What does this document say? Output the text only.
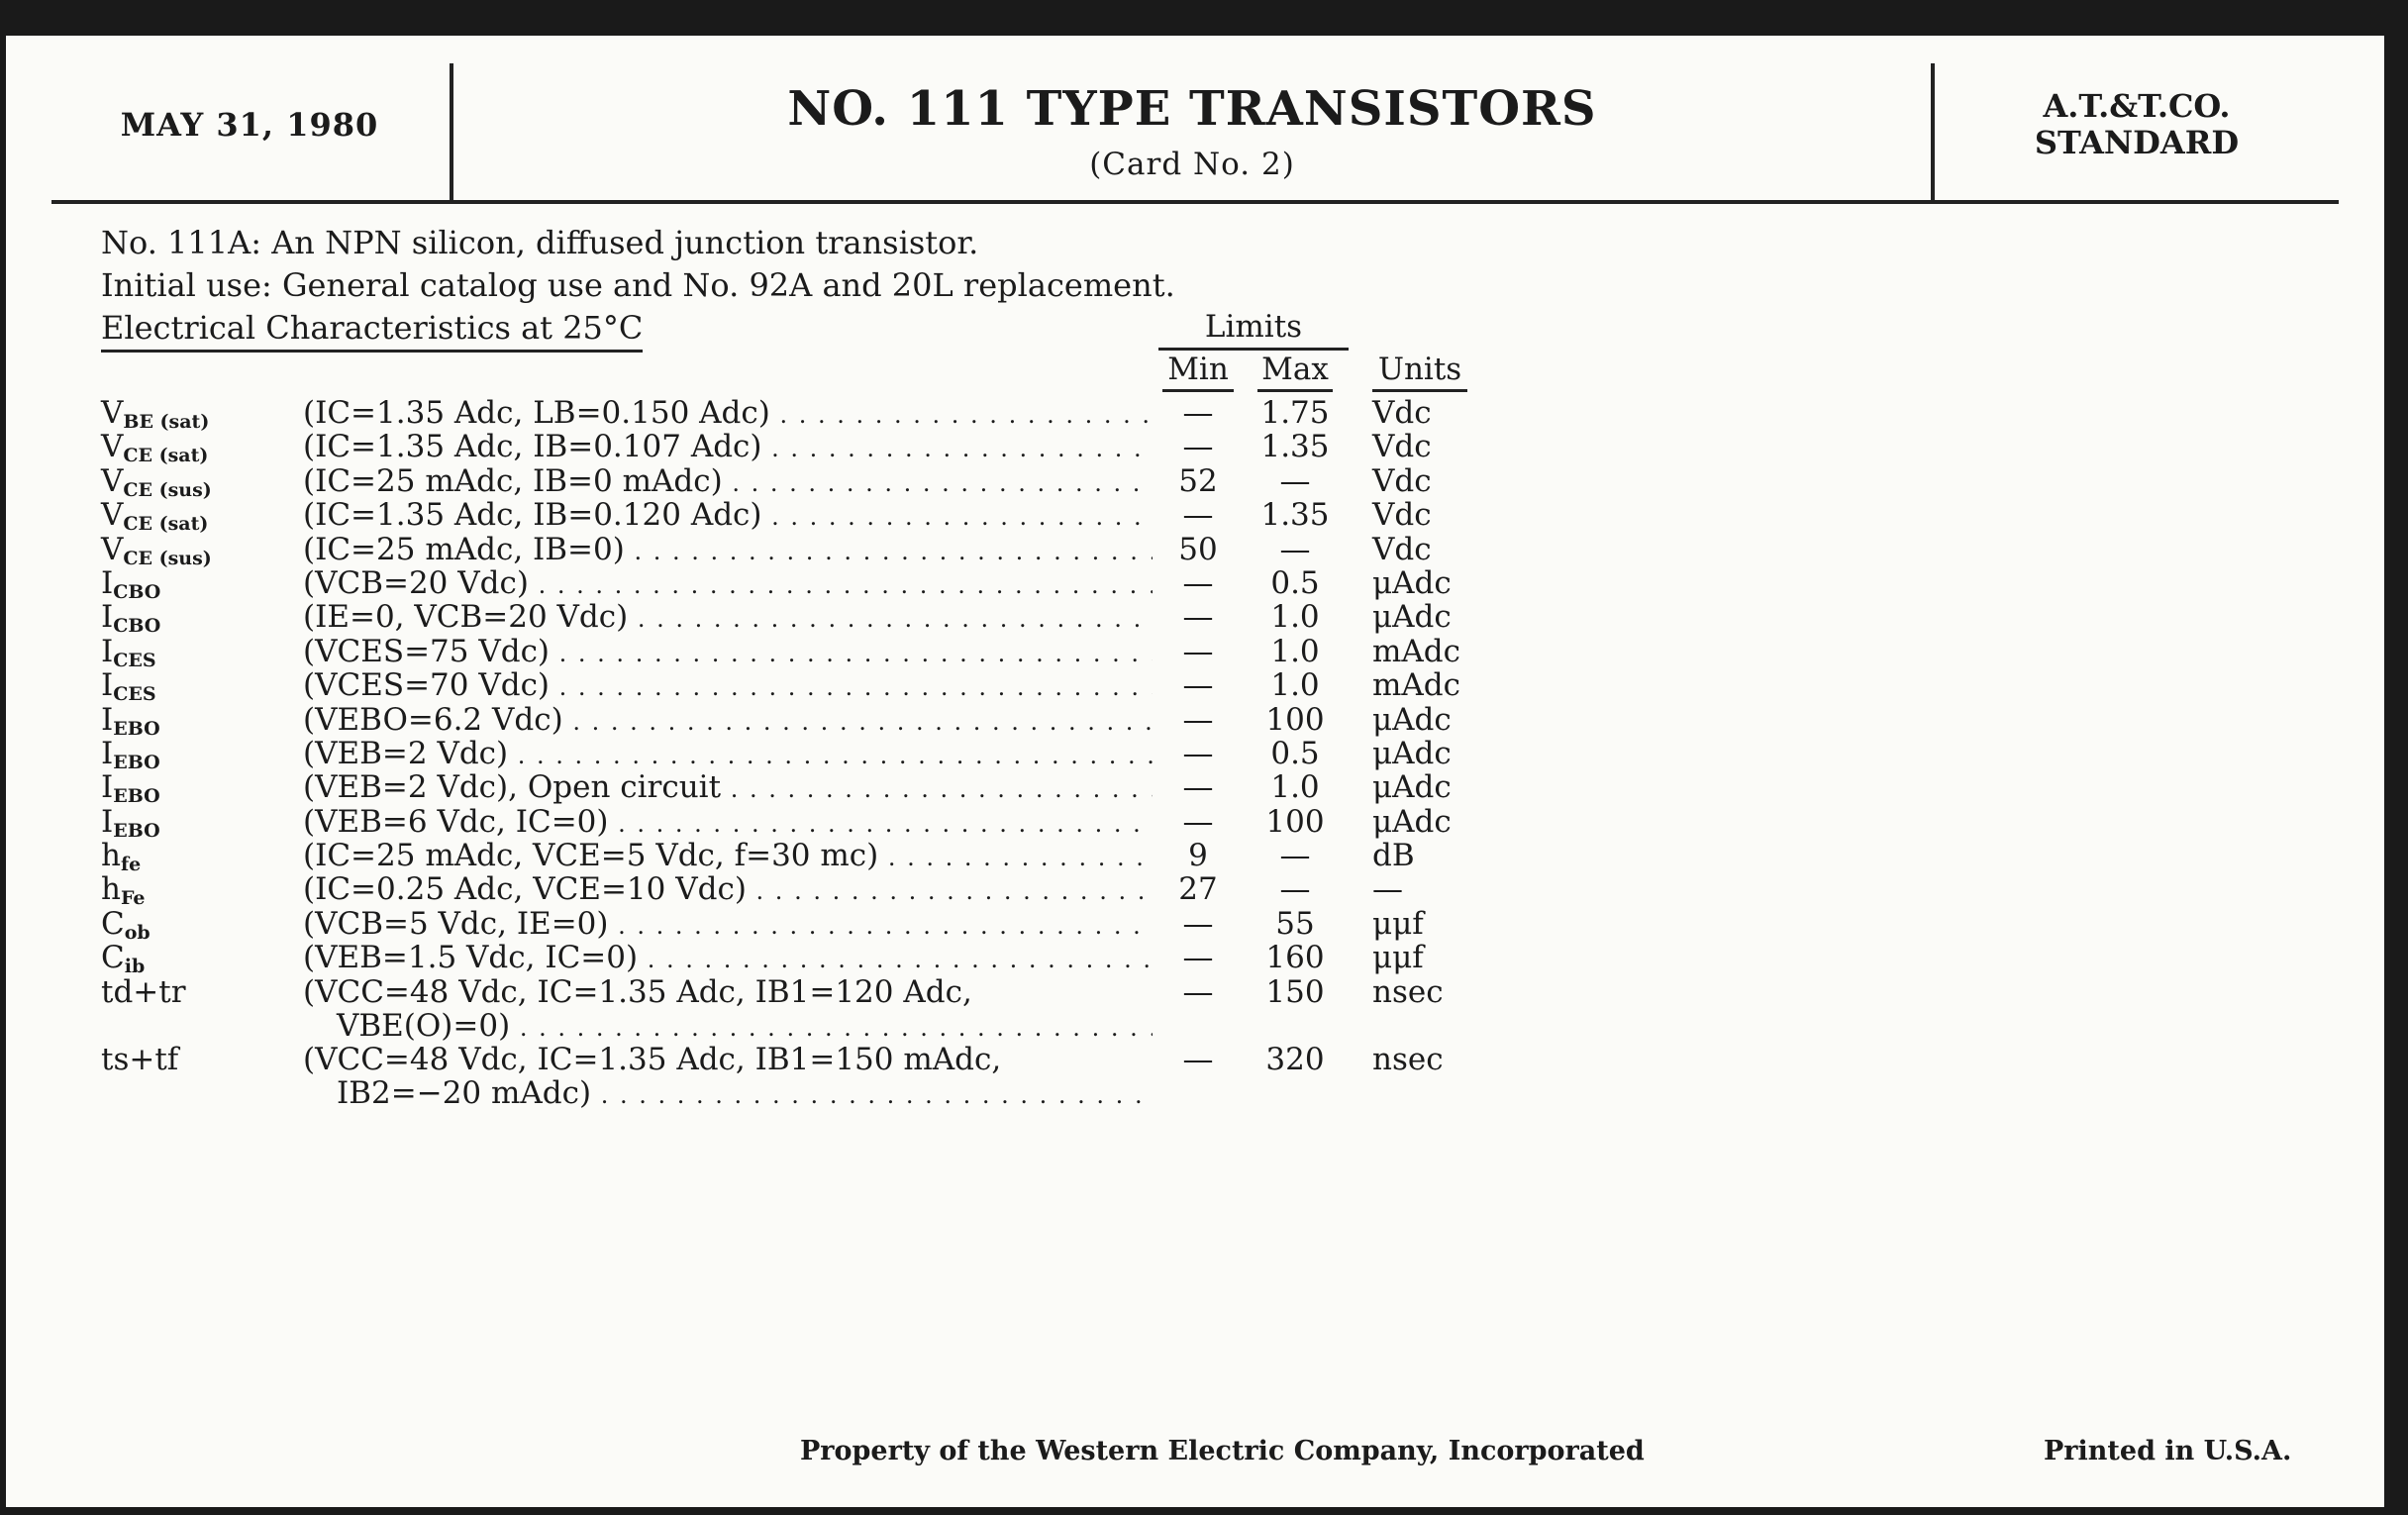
MAY 31, 1980	NO. 111 TYPE TRANSISTORS
(Card No. 2)
A.T.&T.CO.
STANDARD
No. 111A: An NPN silicon, diffused junction transistor.
Initial use: General catalog use and No. 92A and 20L replacement.
Electrical Characteristics at 25°C	Limits
Min Max Units
$V_{BE (sat)}$	(IC=1.35 Adc, LB=0.150 Adc) . . .	—	1.75 Vdc
$V_{CE (sat)}$	(IC=1.35 Adc, IB=0.107 Adc) . . .	—	1.35 Vdc
$V_{CE (sus)}$	(IC=25 mAdc, IB=0 mAdc) . . .	52	—	Vdc
$V_{CE (sat)}$	(IC=1.35 Adc, IB=0.120 Adc) . . .	—	1.35 Vdc
$V_{CE (sus)}$	(IC=25 mAdc, IB=0) . . .	50	—	Vdc
$I_{CBO}$	(VCB=20 Vdc) . . .	—	0.5	μAdc
$I_{CBO}$	(IE=0, VCB=20 Vdc) . . .	—	1.0	μAdc
$I_{CES}$	(VCES=75 Vdc) . . .	—	1.0	mAdc
$I_{CES}$	(VCES=70 Vdc) . . .	—	1.0	mAdc
$I_{EBO}$	(VEBO=6.2 Vdc) . . .	—	100 μAdc
$I_{EBO}$	(VEB=2 Vdc) . . .	—	0.5	μAdc
$I_{EBO}$	(VEB=2 Vdc), Open circuit . . .	—	1.0	μAdc
$I_{EBO}$	(VEB=6 Vdc, IC=0) . . .	—	100 μAdc
$h_{fe}$	(IC=25 mAdc, VCE=5 Vdc, f=30 mc) . . .	9	—	dB
$h_{Fe}$	(IC=0.25 Adc, VCE=10 Vdc) . . .	27	—	—
$C_{ob}$	(VCB=5 Vdc, IE=0) . . .	—	55	μμf
$C_{ib}$	(VEB=1.5 Vdc, IC=0) . . .	—	160 μμf
td+tr	(VCC=48 Vdc, IC=1.35 Adc, IB1=120 Adc,
VBE(O)=0) . . .
—	150 nsec
ts+tf	(VCC=48 Vdc, IC=1.35 Adc, IB1=150 mAdc,
IB2=−20 mAdc) . . .
—	320 nsec
Property of the Western Electric Company, Incorporated	Printed in U.S.A.
